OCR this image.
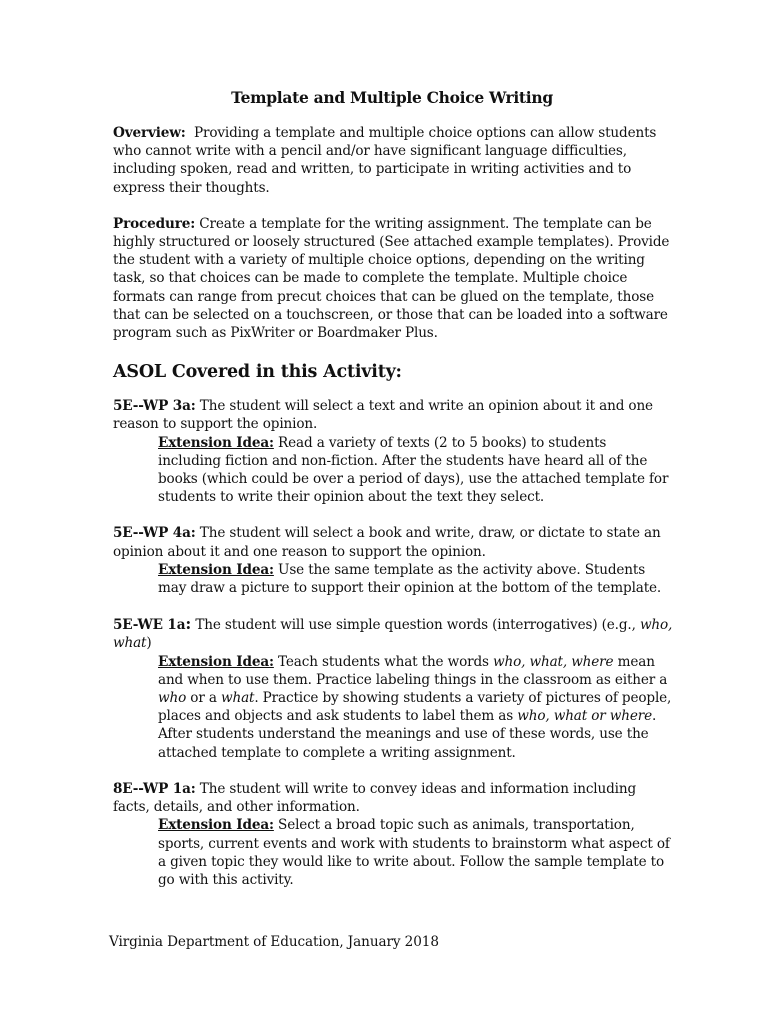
Template and Multiple Choice Writing

Overview: Providing a template and multiple choice options can allow students who cannot write with a pencil and/or have significant language difficulties, including spoken, read and written, to participate in writing activities and to express their thoughts.

Procedure: Create a template for the writing assignment. The template can be highly structured or loosely structured (See attached example templates). Provide the student with a variety of multiple choice options, depending on the writing task, so that choices can be made to complete the template. Multiple choice formats can range from precut choices that can be glued on the template, those that can be selected on a touchscreen, or those that can be loaded into a software program such as PixWriter or Boardmaker Plus.

ASOL Covered in this Activity:

5E--WP 3a: The student will select a text and write an opinion about it and one reason to support the opinion.

Extension Idea: Read a variety of texts (2 to 5 books) to students including fiction and non-fiction. After the students have heard all of the books (which could be over a period of days), use the attached template for students to write their opinion about the text they select.

5E--WP 4a: The student will select a book and write, draw, or dictate to state an opinion about it and one reason to support the opinion.

Extension Idea: Use the same template as the activity above. Students may draw a picture to support their opinion at the bottom of the template.

5E-WE 1a: The student will use simple question words (interrogatives) (e.g., who, what)

Extension Idea: Teach students what the words who, what, where mean and when to use them. Practice labeling things in the classroom as either a who or a what. Practice by showing students a variety of pictures of people, places and objects and ask students to label them as who, what or where. After students understand the meanings and use of these words, use the attached template to complete a writing assignment.

8E--WP 1a: The student will write to convey ideas and information including facts, details, and other information.

Extension Idea: Select a broad topic such as animals, transportation, sports, current events and work with students to brainstorm what aspect of a given topic they would like to write about. Follow the sample template to go with this activity.

Virginia Department of Education, January 2018
